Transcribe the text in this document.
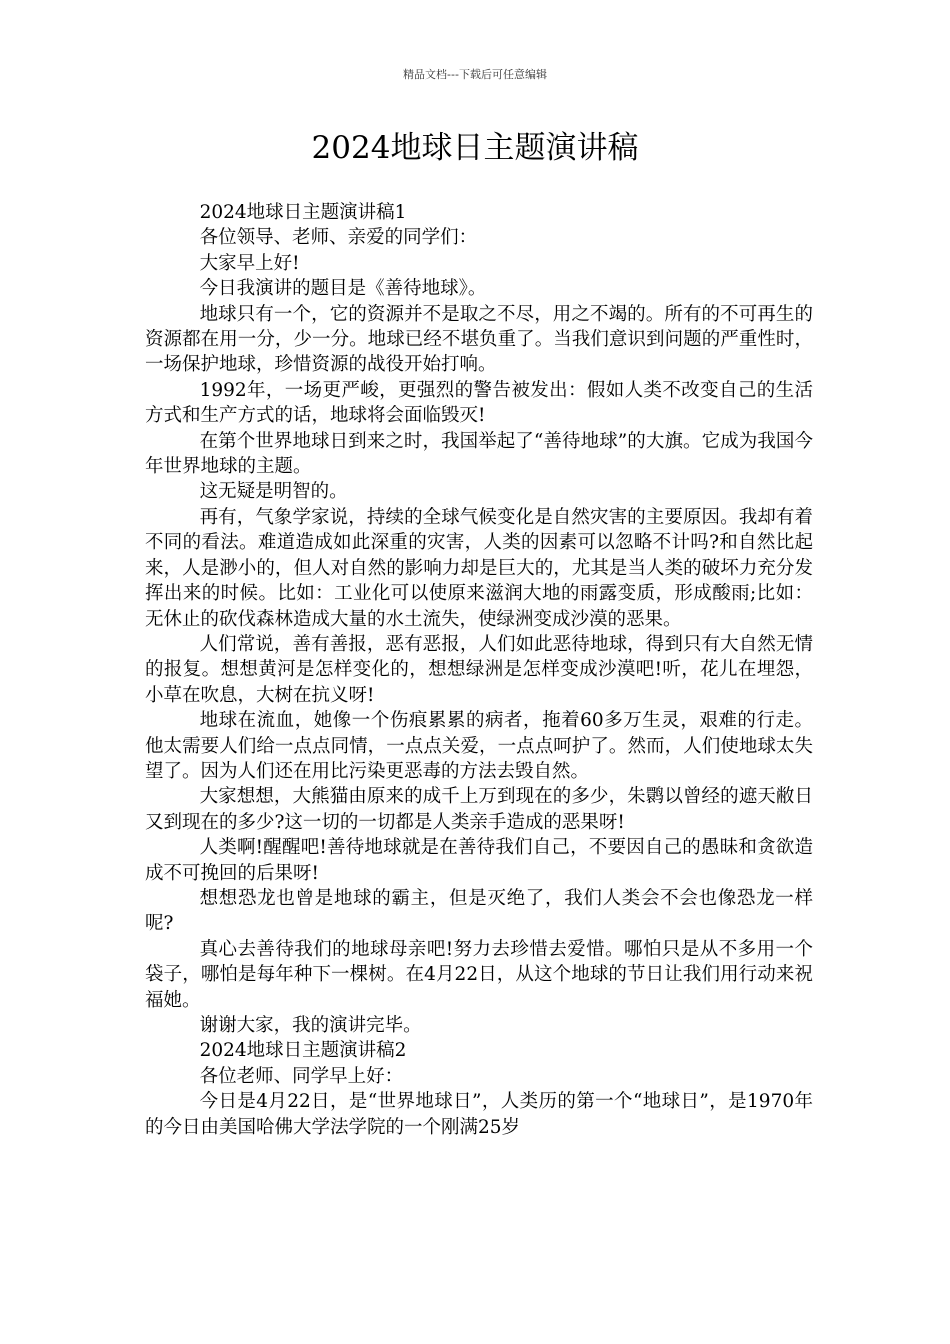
精品文档---下载后可任意编辑
2024地球日主题演讲稿

2024地球日主题演讲稿1

各位领导、老师、亲爱的同学们：

大家早上好!

今日我演讲的题目是《善待地球》。

地球只有一个，它的资源并不是取之不尽，用之不竭的。所有的不可再生的资源都在用一分，少一分。地球已经不堪负重了。当我们意识到问题的严重性时，一场保护地球，珍惜资源的战役开始打响。

1992年，一场更严峻，更强烈的警告被发出：假如人类不改变自己的生活方式和生产方式的话，地球将会面临毁灭!

在第个世界地球日到来之时，我国举起了“善待地球”的大旗。它成为我国今年世界地球的主题。

这无疑是明智的。

再有，气象学家说，持续的全球气候变化是自然灾害的主要原因。我却有着不同的看法。难道造成如此深重的灾害，人类的因素可以忽略不计吗?和自然比起来，人是渺小的，但人对自然的影响力却是巨大的，尤其是当人类的破坏力充分发挥出来的时候。比如：工业化可以使原来滋润大地的雨露变质，形成酸雨;比如：无休止的砍伐森林造成大量的水土流失，使绿洲变成沙漠的恶果。

人们常说，善有善报，恶有恶报，人们如此恶待地球，得到只有大自然无情的报复。想想黄河是怎样变化的，想想绿洲是怎样变成沙漠吧!听，花儿在埋怨，小草在吹息，大树在抗义呀!

地球在流血，她像一个伤痕累累的病者，拖着60多万生灵，艰难的行走。他太需要人们给一点点同情，一点点关爱，一点点呵护了。然而，人们使地球太失望了。因为人们还在用比污染更恶毒的方法去毁自然。

大家想想，大熊猫由原来的成千上万到现在的多少，朱鹮以曾经的遮天敝日又到现在的多少?这一切的一切都是人类亲手造成的恶果呀!

人类啊!醒醒吧!善待地球就是在善待我们自己，不要因自己的愚昧和贪欲造成不可挽回的后果呀!

想想恐龙也曾是地球的霸主，但是灭绝了，我们人类会不会也像恐龙一样呢?

真心去善待我们的地球母亲吧!努力去珍惜去爱惜。哪怕只是从不多用一个袋子，哪怕是每年种下一棵树。在4月22日，从这个地球的节日让我们用行动来祝福她。

谢谢大家，我的演讲完毕。

2024地球日主题演讲稿2

各位老师、同学早上好：

今日是4月22日，是“世界地球日”，人类历的第一个“地球日”，是1970年的今日由美国哈佛大学法学院的一个刚满25岁
